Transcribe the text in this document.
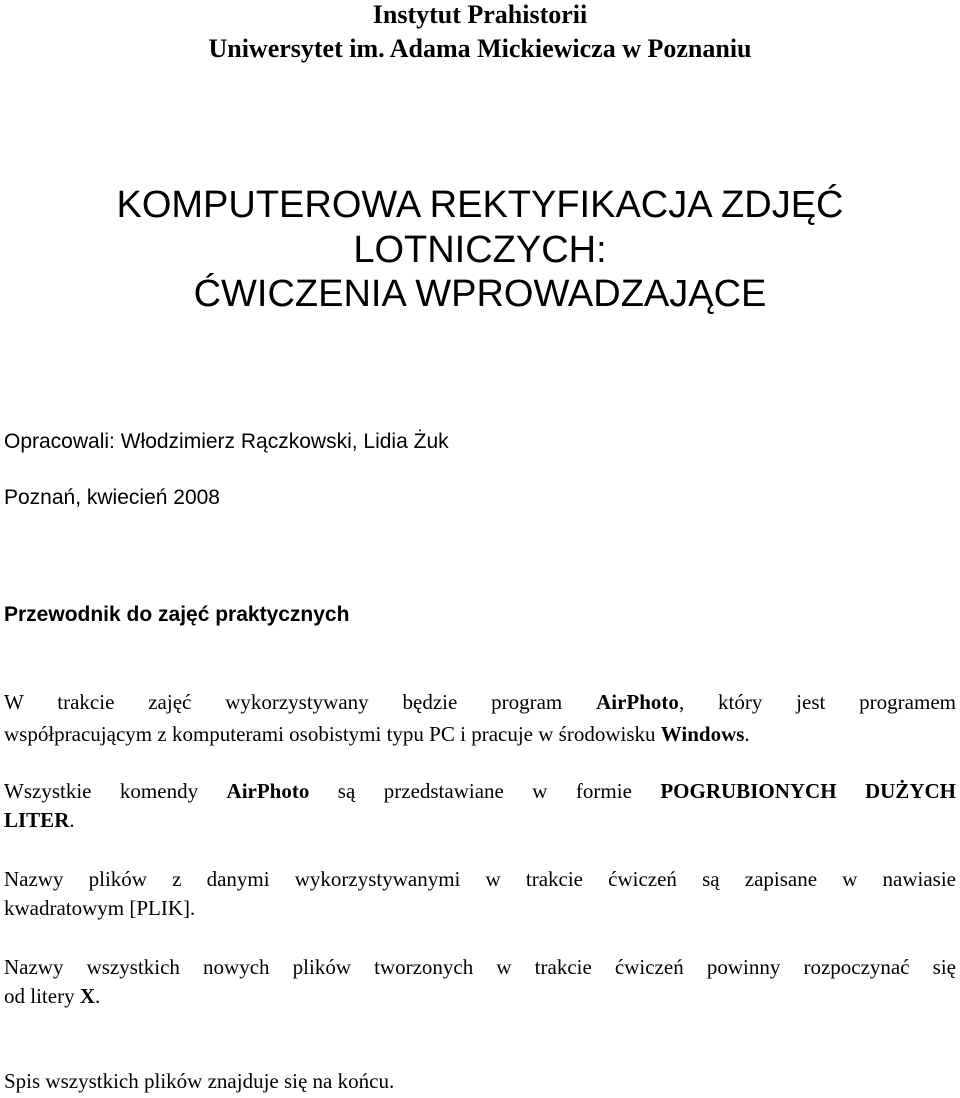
Instytut Prahistorii
Uniwersytet im. Adama Mickiewicza w Poznaniu
KOMPUTEROWA REKTYFIKACJA ZDJĘĆ
LOTNICZYCH:
ĆWICZENIA WPROWADZAJĄCE
Opracowali: Włodzimierz Rączkowski, Lidia Żuk
Poznań, kwiecień 2008
Przewodnik do zajęć praktycznych
W trakcie zajęć wykorzystywany będzie program AirPhoto, który jest programem
współpracującym z komputerami osobistymi typu PC i pracuje w środowisku Windows.
Wszystkie komendy AirPhoto są przedstawiane w formie POGRUBIONYCH DUŻYCH
LITER.
Nazwy plików z danymi wykorzystywanymi w trakcie ćwiczeń są zapisane w nawiasie
kwadratowym [PLIK].
Nazwy wszystkich nowych plików tworzonych w trakcie ćwiczeń powinny rozpoczynać się
od litery X.
Spis wszystkich plików znajduje się na końcu.
